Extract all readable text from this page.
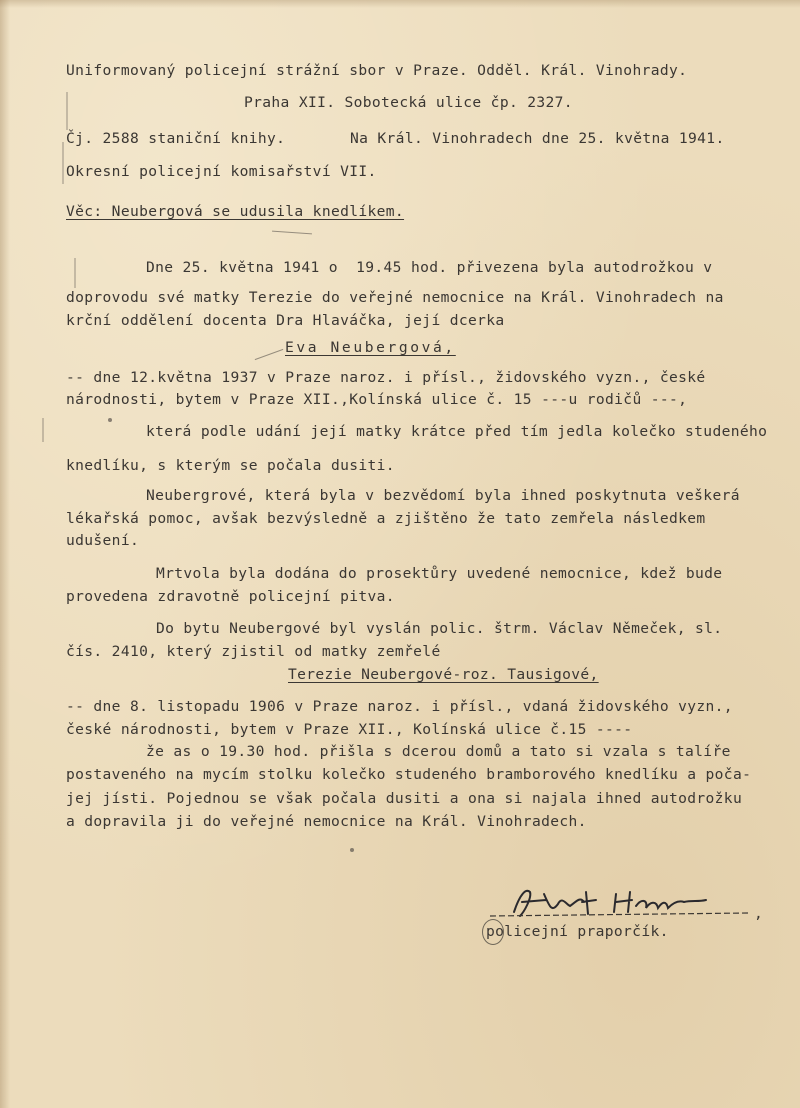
Uniformovaný policejní strážní sbor v Praze. Odděl. Král. Vinohrady.

Praha XII. Sobotecká ulice čp. 2327.

Čj. 2588 staniční knihy.	Na Král. Vinohradech dne 25. května 1941.

Okresní policejní komisařství VII.

Věc: Neubergová se udusila knedlíkem.

Dne 25. května 1941 o  19.45 hod. přivezena byla autodrožkou v

doprovodu své matky Terezie do veřejné nemocnice na Král. Vinohradech na

krční oddělení docenta Dra Hlaváčka, její dcerka

Eva Neubergová,

-- dne 12.května 1937 v Praze naroz. i přísl., židovského vyzn., české

národnosti, bytem v Praze XII.,Kolínská ulice č. 15 ---u rodičů ---,

která podle udání její matky krátce před tím jedla kolečko studeného

knedlíku, s kterým se počala dusiti.

Neubergrové, která byla v bezvědomí byla ihned poskytnuta veškerá

lékařská pomoc, avšak bezvýsledně a zjištěno že tato zemřela následkem

udušení.

Mrtvola byla dodána do prosektůry uvedené nemocnice, kdež bude

provedena zdravotně policejní pitva.

Do bytu Neubergové byl vyslán polic. štrm. Václav Němeček, sl.

čís. 2410, který zjistil od matky zemřelé

Terezie Neubergové-roz. Tausigové,

-- dne 8. listopadu 1906 v Praze naroz. i přísl., vdaná židovského vyzn.,

české národnosti, bytem v Praze XII., Kolínská ulice č.15 ----

že as o 19.30 hod. přišla s dcerou domů a tato si vzala s talíře

postaveného na mycím stolku kolečko studeného bramborového knedlíku a poča-

jej jísti. Pojednou se však počala dusiti a ona si najala ihned autodrožku

a dopravila ji do veřejné nemocnice na Král. Vinohradech.

,

policejní praporčík.
